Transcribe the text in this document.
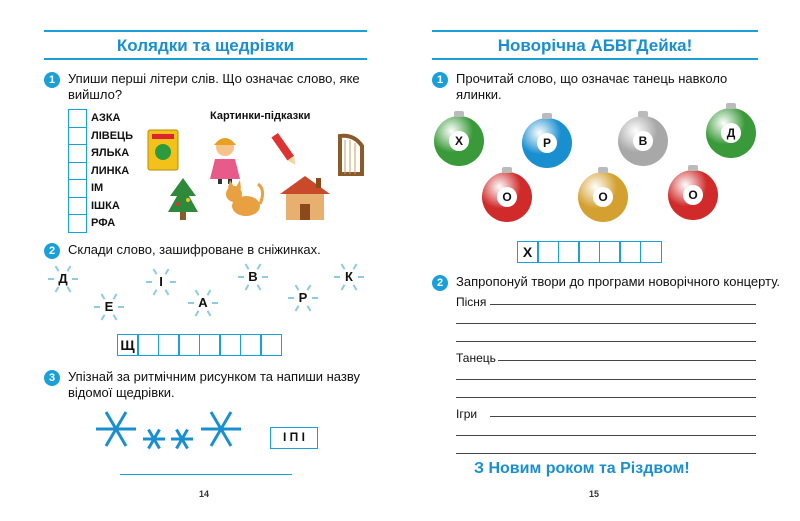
Колядки та щедрівки
1 Упиши перші літери слів. Що означає слово, яке
вийшло?
АЗКА
ЛІВЕЦЬ
ЯЛЬКА
ЛИНКА
ІМ
ІШКА
РФА
Картинки-підказки
2 Склади слово, зашифроване в сніжинках.
Д
Е
І
А
В
Р
К
Щ
3 Упізнай за ритмічним рисунком та напиши назву
відомої щедрівки.
І П І
14
Новорічна АБВГДейка!
1 Прочитай слово, що означає танець навколо
ялинки.
Х	Р	В
Д
О	О	О
Х
2 Запропонуй твори до програми новорічного концерту.
Пісня
Танець
Ігри
З Новим роком та Різдвом!
15
